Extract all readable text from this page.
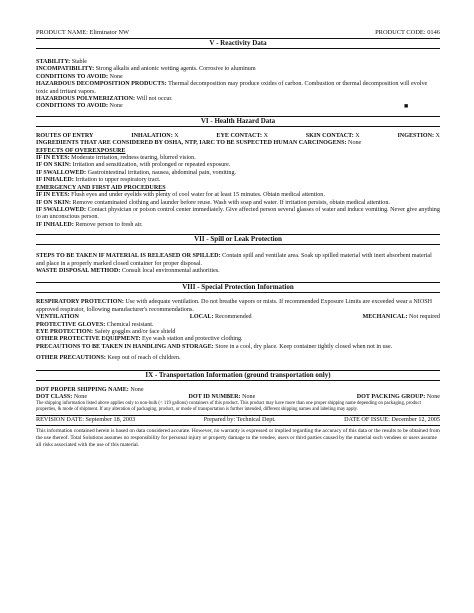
PRODUCT NAME: Eliminator NW	PRODUCT CODE: 0146
V - Reactivity Data

STABILITY: Stable

INCOMPATIBILITY: Strong alkalis and anionic wetting agents. Corrosive to aluminum

CONDITIONS TO AVOID: None

HAZARDOUS DECOMPOSITION PRODUCTS: Thermal decomposition may produce oxides of carbon. Combustion or thermal decomposition will evolve toxic and irritant vapors.

HAZARDOUS POLYMERIZATION: Will not occur.

CONDITIONS TO AVOID: None	■

VI - Health Hazard Data
ROUTES OF ENTRY	INHALATION: X	EYE CONTACT: X	SKIN CONTACT: X	INGESTION: X

INGREDIENTS THAT ARE CONSIDERED BY OSHA, NTP, IARC TO BE SUSPECTED HUMAN CARCINOGENS: None

EFFECTS OF OVEREXPOSURE

IF IN EYES: Moderate irritation, redness tearing, blurred vision.

IF ON SKIN: Irritation and sensitization, with prolonged or repeated exposure.

IF SWALLOWED: Gastrointestinal irritation, nausea, abdominal pain, vomiting.

IF INHALED: Irritation to upper respiratory tract.

EMERGENCY AND FIRST AID PROCEDURES

IF IN EYES: Flush eyes and under eyelids with plenty of cool water for at least 15 minutes. Obtain medical attention.

IF ON SKIN: Remove contaminated clothing and launder before reuse. Wash with soap and water. If irritation persists, obtain medical attention.

IF SWALLOWED: Contact physician or poison control center immediately. Give affected person several glasses of water and induce vomiting. Never give anything to an unconscious person.

IF INHALED: Remove person to fresh air.

VII - Spill or Leak Protection

STEPS TO BE TAKEN IF MATERIAL IS RELEASED OR SPILLED: Contain spill and ventilate area. Soak up spilled material with inert absorbent material and place in a properly marked closed container for proper disposal.

WASTE DISPOSAL METHOD: Consult local environmental authorities.

VIII - Special Protection Information

RESPIRATORY PROTECTION: Use with adequate ventilation. Do not breathe vapors or mists. If recommended Exposure Limits are exceeded wear a NIOSH approved respirator, following manufacturer's recommendations.

VENTILATION	LOCAL: Recommended	MECHANICAL: Not required

PROTECTIVE GLOVES: Chemical resistant.

EYE PROTECTION: Safety goggles and/or face shield

OTHER PROTECTIVE EQUIPMENT: Eye wash station and protective clothing.

PRECAUTIONS TO BE TAKEN IN HANDLING AND STORAGE: Store in a cool, dry place. Keep container tightly closed when not in use.

OTHER PRECAUTIONS: Keep out of reach of children.

IX - Transportation Information (ground transportation only)

DOT PROPER SHIPPING NAME: None

DOT CLASS: None	DOT ID NUMBER: None	DOT PACKING GROUP: None

The shipping information listed above applies only to non-bulk (< 119 gallons) containers of this product. This product may have more than one proper shipping name depending on packaging, product properties, & mode of shipment. If any alteration of packaging, product, or mode of transportation is further intended, different shipping names and labeling may apply.

REVISION DATE: September 18, 2003	Prepared by: Technical Dept.	DATE OF ISSUE: December 12, 2005

This information contained herein is based on data considered accurate. However, no warranty is expressed or implied regarding the accuracy of this data or the results to be obtained from the use thereof. Total Solutions assumes no responsibility for personal injury or property damage to the vendee, users or third parties caused by the material such vendees or users assume all risks associated with the use of this material.
